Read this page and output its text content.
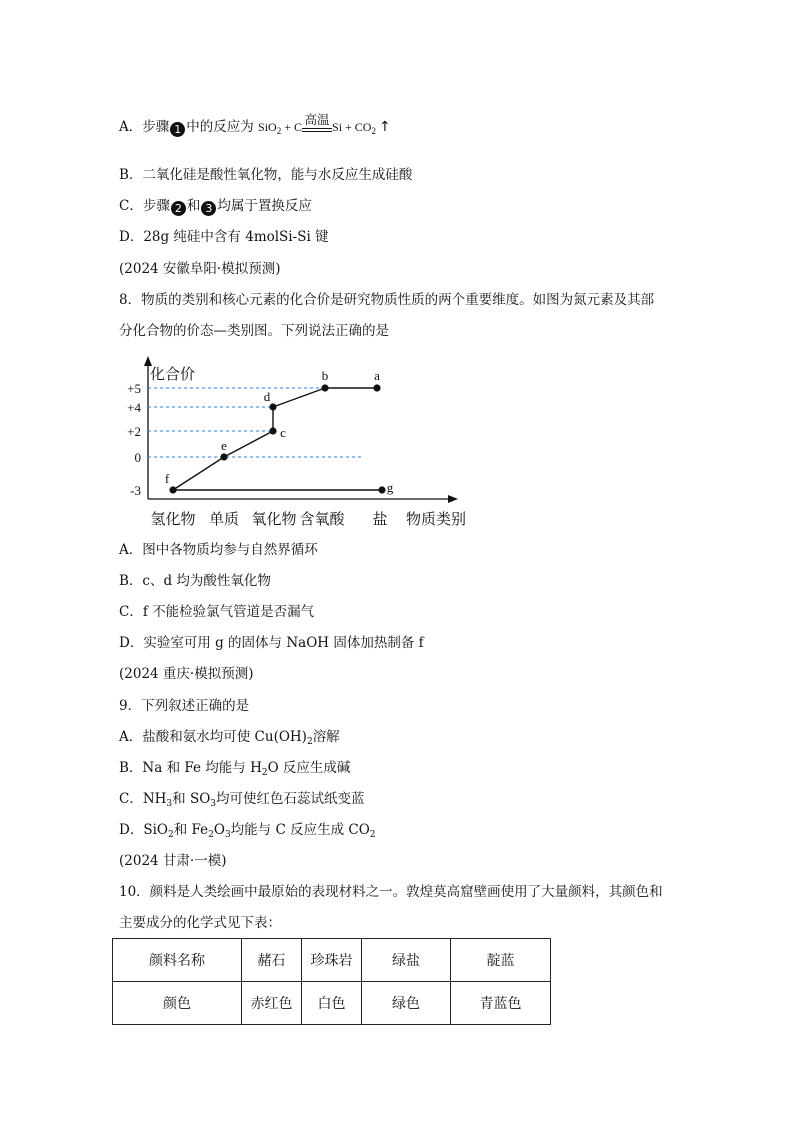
A．步骤 1 中的反应为 SiO$_2$ + C 高温 $Si + CO_2$ ↑
B．二氧化硅是酸性氧化物，能与水反应生成硅酸
C．步骤 2 和 3 均属于置换反应
D．28g 纯硅中含有 4molSi-Si 键
(2024 安徽阜阳·模拟预测)
8．物质的类别和核心元素的化合价是研究物质性质的两个重要维度。如图为氮元素及其部
分化合物的价态—类别图。下列说法正确的是
化合价
物质类别
+5
+4
+2
0
-3
氢化物 单质 氧化物 含氧酸 盐
f
e
c
d
b	a
g
A．图中各物质均参与自然界循环
B．c、d 均为酸性氧化物
C．f 不能检验氯气管道是否漏气
D．实验室可用 g 的固体与 NaOH 固体加热制备 f
(2024 重庆·模拟预测)
9．下列叙述正确的是
A．盐酸和氨水均可使 $Cu(OH)_2$溶解
B．Na 和 Fe 均能与 $H_2O$ 反应生成碱
C．$NH_3$和 $SO_3$均可使红色石蕊试纸变蓝
D．SiO$_2$和 $Fe_2O_3$均能与 C 反应生成 $CO_2$
(2024 甘肃·一模)
10．颜料是人类绘画中最原始的表现材料之一。敦煌莫高窟壁画使用了大量颜料，其颜色和
主要成分的化学式见下表：
颜料名称	赭石	珍珠岩	绿盐	靛蓝
颜色	赤红色	白色	绿色	青蓝色
